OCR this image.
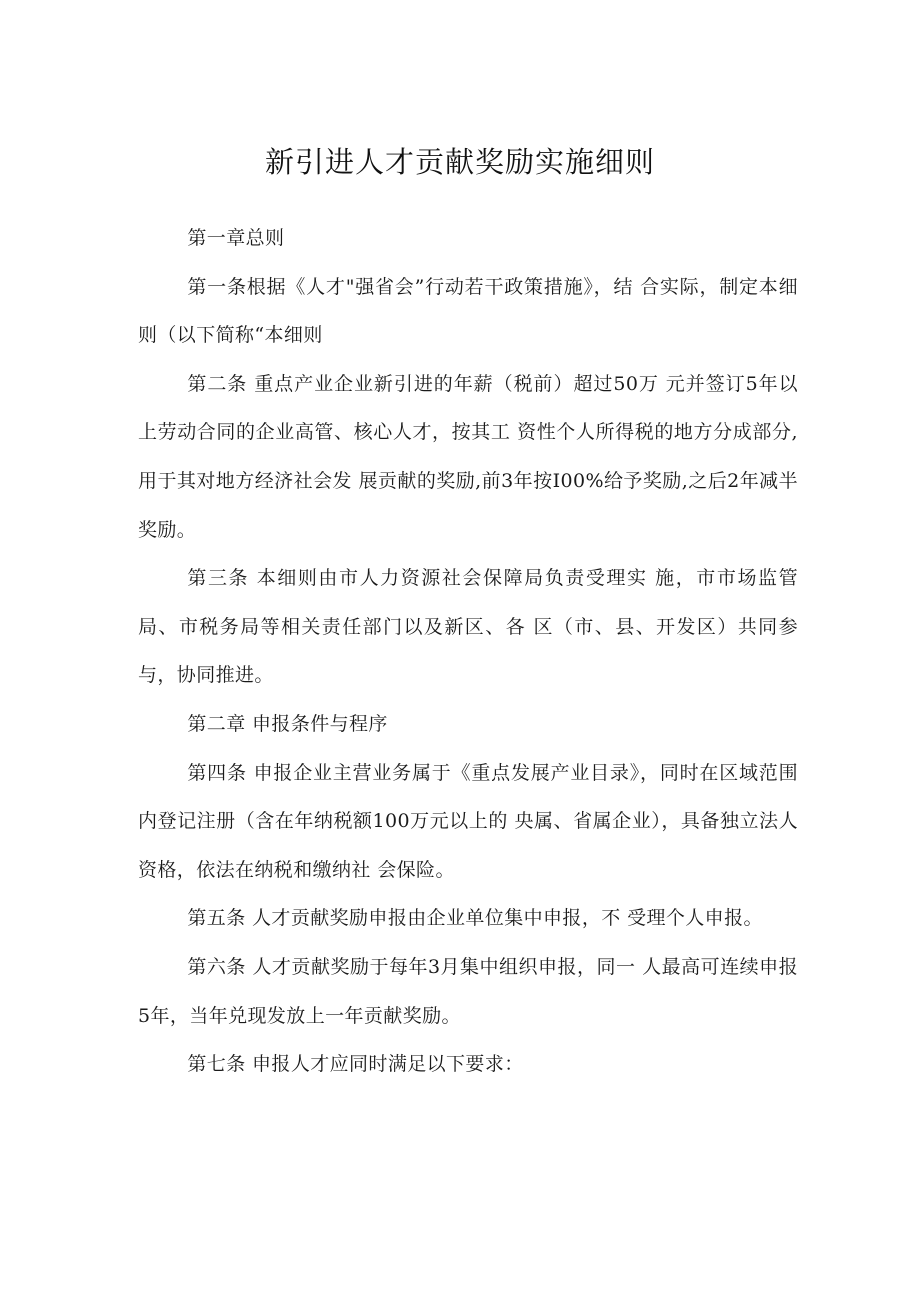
新引进人才贡献奖励实施细则

第一章总则

第一条根据《人才"强省会”行动若干政策措施》，结 合实际，制定本细则（以下简称“本细则

第二条 重点产业企业新引进的年薪（税前）超过50万 元并签订5年以上劳动合同的企业高管、核心人才，按其工 资性个人所得税的地方分成部分,用于其对地方经济社会发 展贡献的奖励,前3年按I00%给予奖励,之后2年减半奖励。

第三条 本细则由市人力资源社会保障局负责受理实 施，市市场监管局、市税务局等相关责任部门以及新区、各 区（市、县、开发区）共同参与，协同推进。

第二章 申报条件与程序

第四条 申报企业主营业务属于《重点发展产业目录》，同时在区域范围内登记注册（含在年纳税额100万元以上的 央属、省属企业），具备独立法人资格，依法在纳税和缴纳社 会保险。

第五条 人才贡献奖励申报由企业单位集中申报，不 受理个人申报。

第六条 人才贡献奖励于每年3月集中组织申报，同一 人最高可连续申报5年，当年兑现发放上一年贡献奖励。

第七条 申报人才应同时满足以下要求：
